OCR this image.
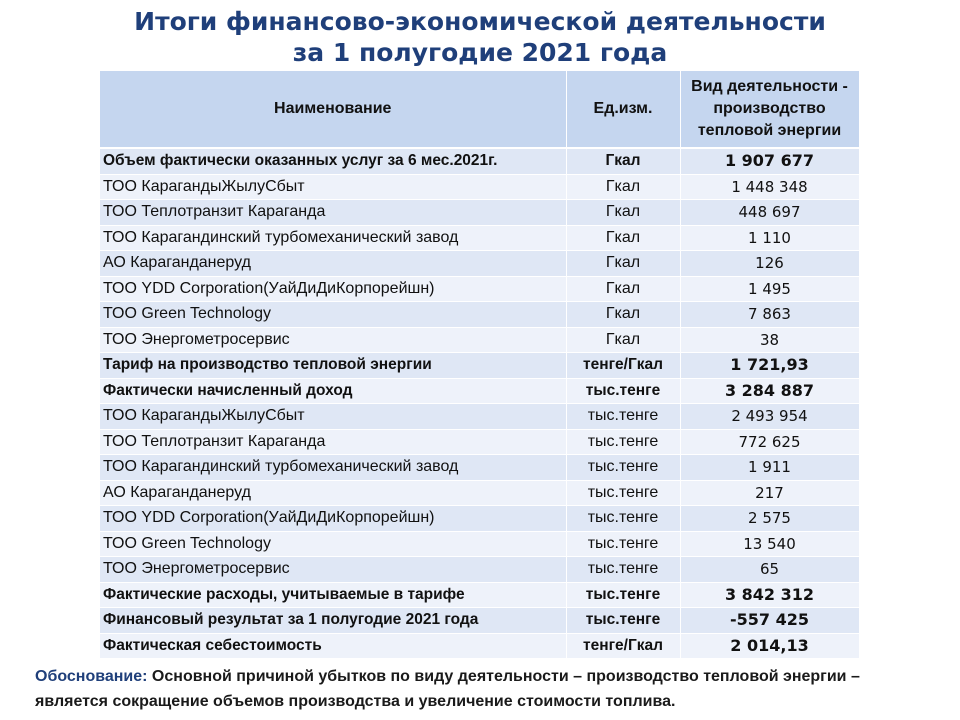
Итоги финансово-экономической деятельности
за 1 полугодие 2021 года
Наименование	Ед.изм.	Вид деятельности - производство тепловой энергии
Объем фактически оказанных услуг за 6 мес.2021г.	Гкал	1 907 677
ТОО КарагандыЖылуСбыт	Гкал	1 448 348
ТОО Теплотранзит Караганда	Гкал	448 697
ТОО Карагандинский турбомеханический завод	Гкал	1 110
АО Караганданеруд	Гкал	126
ТОО YDD Corporation(УайДиДиКорпорейшн)	Гкал	1 495
ТОО Green Technology	Гкал	7 863
ТОО Энергометросервис	Гкал	38
Тариф на производство тепловой энергии	тенге/Гкал	1 721,93
Фактически начисленный доход	тыс.тенге	3 284 887
ТОО КарагандыЖылуСбыт	тыс.тенге	2 493 954
ТОО Теплотранзит Караганда	тыс.тенге	772 625
ТОО Карагандинский турбомеханический завод	тыс.тенге	1 911
АО Караганданеруд	тыс.тенге	217
ТОО YDD Corporation(УайДиДиКорпорейшн)	тыс.тенге	2 575
ТОО Green Technology	тыс.тенге	13 540
ТОО Энергометросервис	тыс.тенге	65
Фактические расходы, учитываемые в тарифе	тыс.тенге	3 842 312
Финансовый результат за 1 полугодие 2021 года	тыс.тенге	-557 425
Фактическая себестоимость	тенге/Гкал	2 014,13
Обоснование: Основной причиной убытков по виду деятельности – производство тепловой энергии – является сокращение объемов производства и увеличение стоимости топлива.
